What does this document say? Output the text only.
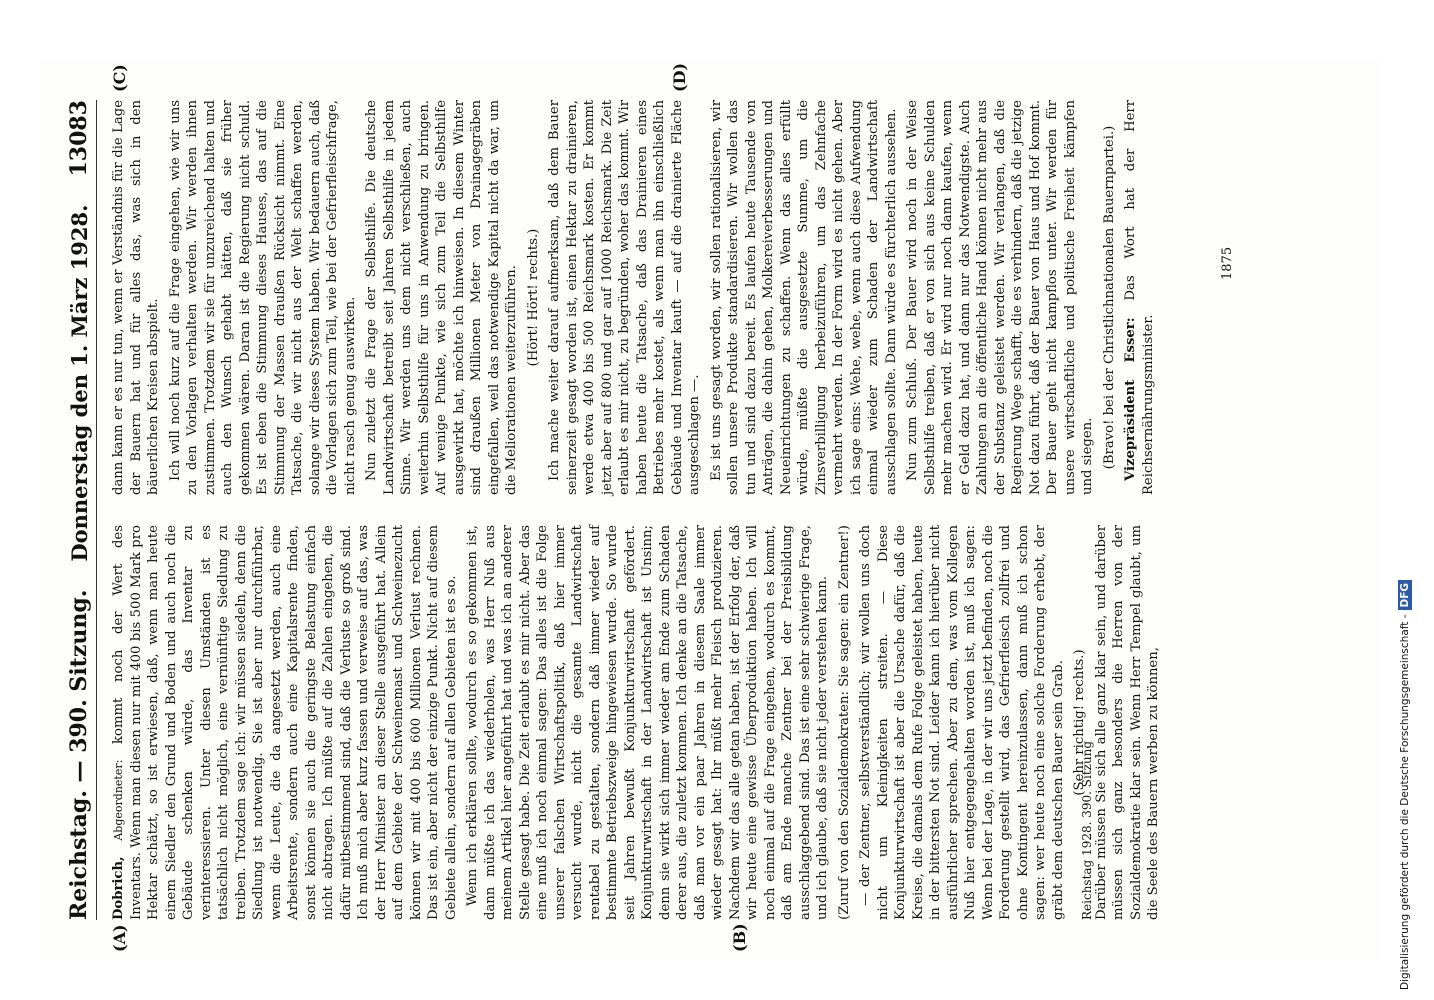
Reichstag. — 390. Sitzung.
Donnerstag den 1. März 1928.
13083
(A)	(B)
(C)	(D)

Dobrich, Abgeordneter: kommt noch der Wert des Inventars. Wenn man diesen nur mit 400 bis 500 Mark pro Hektar schätzt, so ist erwiesen, daß, wenn man heute einem Siedler den Grund und Boden und auch noch die Gebäude schenken würde, das Inventar zu verinteressieren. Unter diesen Umständen ist es tatsächlich nicht möglich, eine vernünftige Siedlung zu treiben. Trotzdem sage ich: wir müssen siedeln, denn die Siedlung ist notwendig. Sie ist aber nur durchführbar, wenn die Leute, die da angesetzt werden, auch eine Arbeitsrente, sondern auch eine Kapitalsrente finden, sonst können sie auch die geringste Belastung einfach nicht abtragen. Ich müßte auf die Zahlen eingehen, die dafür mitbestimmend sind, daß die Verluste so groß sind. Ich muß mich aber kurz fassen und verweise auf das, was der Herr Minister an dieser Stelle ausgeführt hat. Allein auf dem Gebiete der Schweinemast und Schweinezucht können wir mit 400 bis 600 Millionen Verlust rechnen. Das ist ein, aber nicht der einzige Punkt. Nicht auf diesem Gebiete allein, sondern auf allen Gebieten ist es so. Wenn ich erklären sollte, wodurch es so gekommen ist, dann müßte ich das wiederholen, was Herr Nuß aus meinem Artikel hier angeführt hat und was ich an anderer Stelle gesagt habe. Die Zeit erlaubt es mir nicht. Aber das eine muß ich noch einmal sagen: Das alles ist die Folge unserer falschen Wirtschaftspolitik, daß hier immer versucht wurde, nicht die gesamte Landwirtschaft rentabel zu gestalten, sondern daß immer wieder auf bestimmte Betriebszweige hingewiesen wurde. So wurde seit Jahren bewußt Konjunkturwirtschaft gefördert. Konjunkturwirtschaft in der Landwirtschaft ist Unsinn; denn sie wirkt sich immer wieder am Ende zum Schaden derer aus, die zuletzt kommen. Ich denke an die Tatsache, daß man vor ein paar Jahren in diesem Saale immer wieder gesagt hat: Ihr müßt mehr Fleisch produzieren. Nachdem wir das alle getan haben, ist der Erfolg der, daß wir heute eine gewisse Überproduktion haben. Ich will noch einmal auf die Frage eingehen, wodurch es kommt, daß am Ende manche Zentner bei der Preisbildung ausschlaggebend sind. Das ist eine sehr schwierige Frage, und ich glaube, daß sie nicht jeder verstehen kann. (Zuruf von den Sozialdemokraten: Sie sagen: ein Zentner!) — der Zentner, selbstverständlich; wir wollen uns doch nicht um Kleinigkeiten streiten. — Diese Konjunkturwirtschaft ist aber die Ursache dafür, daß die Kreise, die damals dem Rufe Folge geleistet haben, heute in der bittersten Not sind. Leider kann ich hierüber nicht ausführlicher sprechen. Aber zu dem, was vom Kollegen Nuß hier entgegengehalten worden ist, muß ich sagen: Wenn bei der Lage, in der wir uns jetzt befinden, noch die Forderung gestellt wird, das Gefrierfleisch zollfrei und ohne Kontingent hereinzulassen, dann muß ich schon sagen: wer heute noch eine solche Forderung erhebt, der gräbt dem deutschen Bauer sein Grab. (Sehr richtig! rechts.) Darüber müssen Sie sich alle ganz klar sein, und darüber müssen sich ganz besonders die Herren von der Sozialdemokratie klar sein. Wenn Herr Tempel glaubt, um die Seele des Bauern werben zu können,

dann kann er es nur tun, wenn er Verständnis für die Lage der Bauern hat und für alles das, was sich in den bäuerlichen Kreisen abspielt. Ich will noch kurz auf die Frage eingehen, wie wir uns zu den Vorlagen verhalten werden. Wir werden ihnen zustimmen. Trotzdem wir sie für unzureichend halten und auch den Wunsch gehabt hätten, daß sie früher gekommen wären. Daran ist die Regierung nicht schuld. Es ist eben die Stimmung dieses Hauses, das auf die Stimmung der Massen draußen Rücksicht nimmt. Eine Tatsache, die wir nicht aus der Welt schaffen werden, solange wir dieses System haben. Wir bedauern auch, daß die Vorlagen sich zum Teil, wie bei der Gefrierfleischfrage, nicht rasch genug auswirken. Nun zuletzt die Frage der Selbsthilfe. Die deutsche Landwirtschaft betreibt seit Jahren Selbsthilfe in jedem Sinne. Wir werden uns dem nicht verschließen, auch weiterhin Selbsthilfe für uns in Anwendung zu bringen. Auf wenige Punkte, wie sich zum Teil die Selbsthilfe ausgewirkt hat, möchte ich hinweisen. In diesem Winter sind draußen Millionen Meter von Drainagegräben eingefallen, weil das notwendige Kapital nicht da war, um die Meliorationen weiterzuführen. (Hört! Hört! rechts.) Ich mache weiter darauf aufmerksam, daß dem Bauer seinerzeit gesagt worden ist, einen Hektar zu drainieren, werde etwa 400 bis 500 Reichsmark kosten. Er kommt jetzt aber auf 800 und gar auf 1000 Reichsmark. Die Zeit erlaubt es mir nicht, zu begründen, woher das kommt. Wir haben heute die Tatsache, daß das Drainieren eines Betriebes mehr kostet, als wenn man ihn einschließlich Gebäude und Inventar kauft — auf die drainierte Fläche ausgeschlagen —. Es ist uns gesagt worden, wir sollen rationalisieren, wir sollen unsere Produkte standardisieren. Wir wollen das tun und sind dazu bereit. Es laufen heute Tausende von Anträgen, die dahin gehen, Molkereiverbesserungen und Neueinrichtungen zu schaffen. Wenn das alles erfüllt würde, müßte die ausgesetzte Summe, um die Zinsverbilligung herbeizuführen, um das Zehnfache vermehrt werden. In der Form wird es nicht gehen. Aber ich sage eins: Wehe, wehe, wenn auch diese Aufwendung einmal wieder zum Schaden der Landwirtschaft ausschlagen sollte. Dann würde es fürchterlich aussehen. Nun zum Schluß. Der Bauer wird noch in der Weise Selbsthilfe treiben, daß er von sich aus keine Schulden mehr machen wird. Er wird nur noch dann kaufen, wenn er Geld dazu hat, und dann nur das Notwendigste. Auch Zahlungen an die öffentliche Hand können nicht mehr aus der Substanz geleistet werden. Wir verlangen, daß die Regierung Wege schafft, die es verhindern, daß die jetzige Not dazu führt, daß der Bauer von Haus und Hof kommt. Der Bauer geht nicht kampflos unter. Wir werden für unsere wirtschaftliche und politische Freiheit kämpfen und siegen. (Bravo! bei der Christlichnationalen Bauernpartei.) Vizepräsident Esser: Das Wort hat der Herr Reichsernährungsminister.

Reichstag 1928. 390. Sitzung
1875
Digitalisierung gefördert durch die Deutsche Forschungsgemeinschaft -DFG
